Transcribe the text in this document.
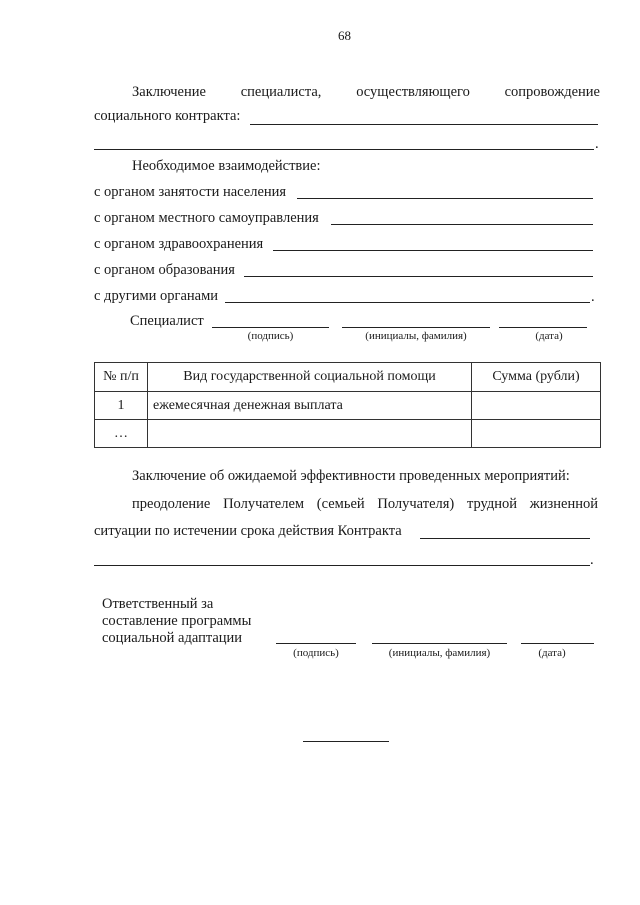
68
Заключение специалиста, осуществляющего сопровождение
социального контракта:
.
Необходимое взаимодействие:
с органом занятости населения
с органом местного самоуправления
с органом здравоохранения
с органом образования
с другими органами	.
Специалист
(подпись)	(инициалы, фамилия)	(дата)
№ п/п	Вид государственной социальной помощи	Сумма (рубли)
1	ежемесячная денежная выплата	
…		
Заключение об ожидаемой эффективности проведенных мероприятий:
преодоление Получателем (семьей Получателя) трудной жизненной
ситуации по истечении срока действия Контракта
.
Ответственный за
составление программы
социальной адаптации
(подпись)	(инициалы, фамилия)	(дата)
